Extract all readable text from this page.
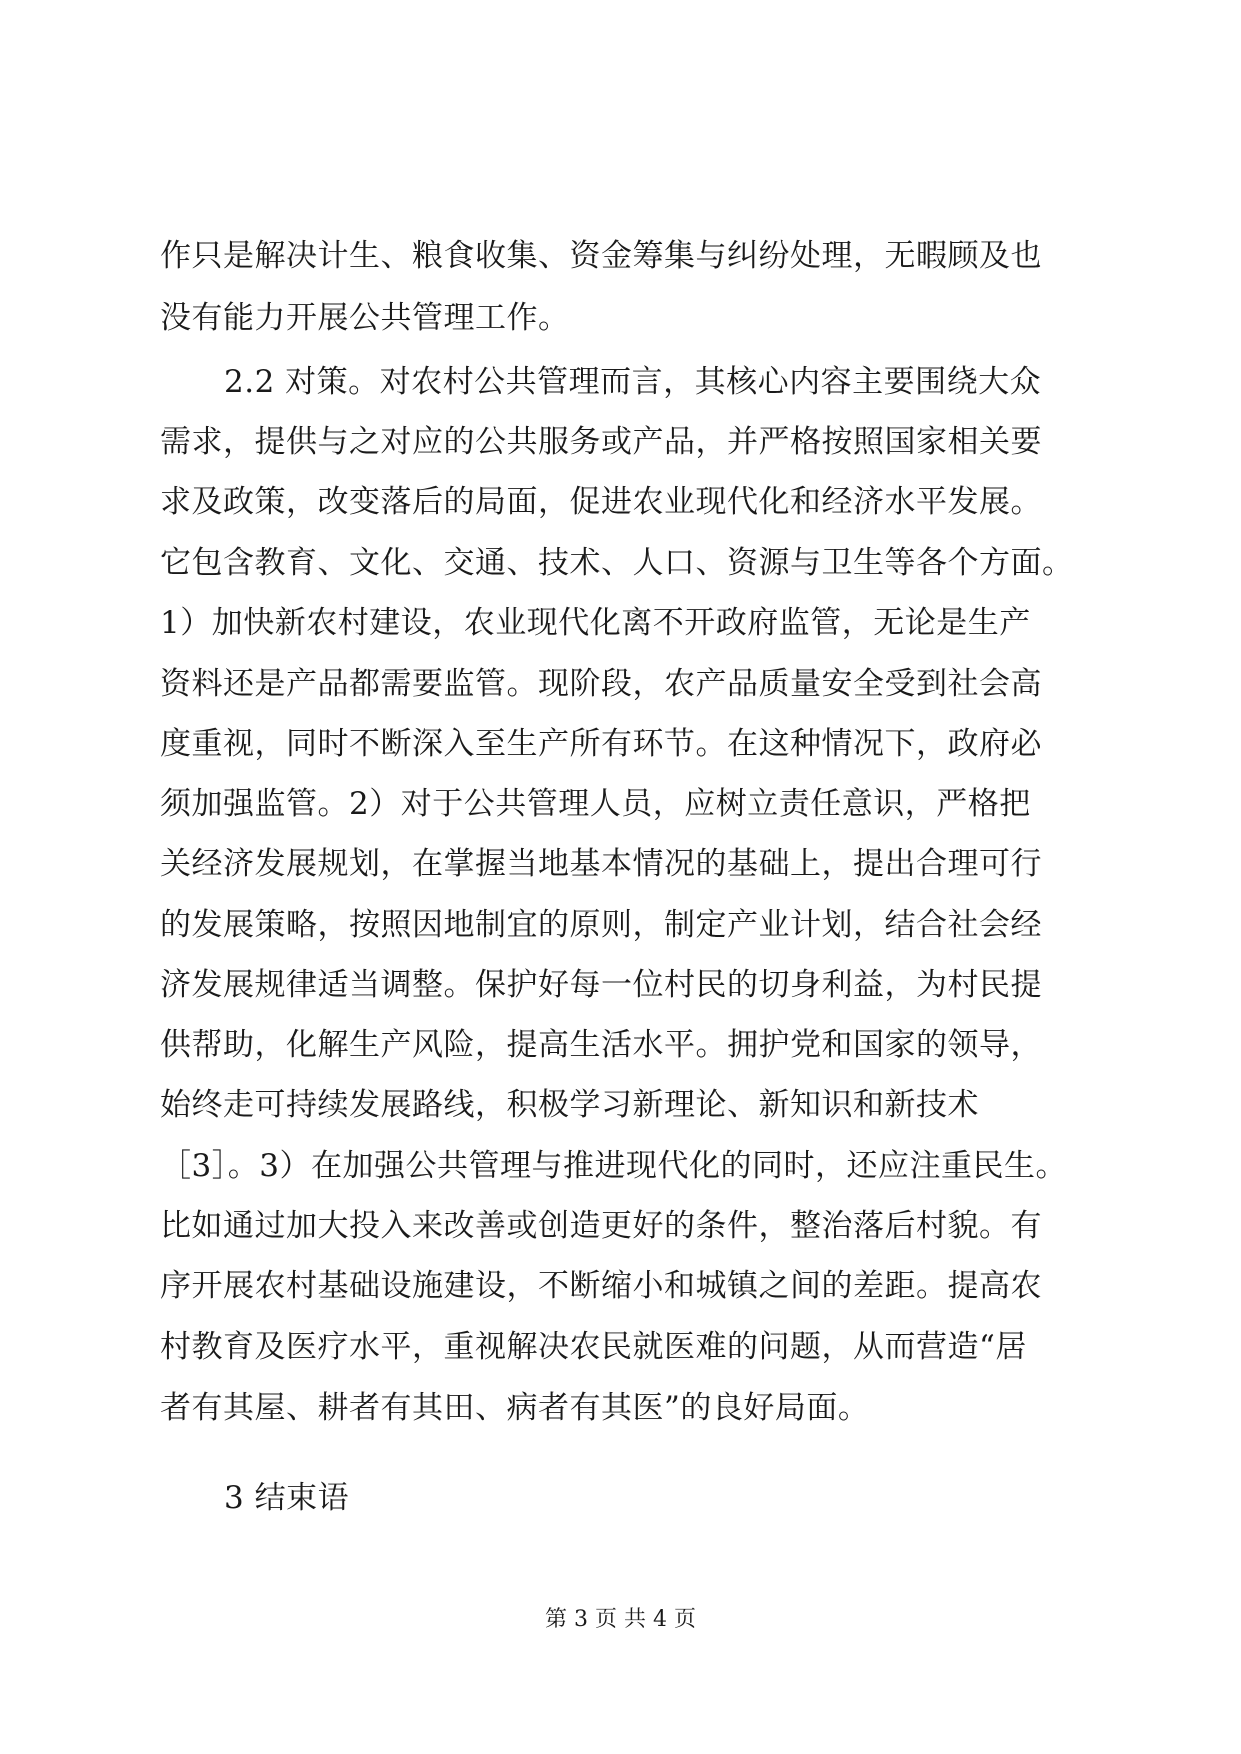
作只是解决计生、粮食收集、资金筹集与纠纷处理，无暇顾及也
没有能力开展公共管理工作。
2.2 对策。对农村公共管理而言，其核心内容主要围绕大众
需求，提供与之对应的公共服务或产品，并严格按照国家相关要
求及政策，改变落后的局面，促进农业现代化和经济水平发展。
它包含教育、文化、交通、技术、人口、资源与卫生等各个方面。
1）加快新农村建设，农业现代化离不开政府监管，无论是生产
资料还是产品都需要监管。现阶段，农产品质量安全受到社会高
度重视，同时不断深入至生产所有环节。在这种情况下，政府必
须加强监管。2）对于公共管理人员，应树立责任意识，严格把
关经济发展规划，在掌握当地基本情况的基础上，提出合理可行
的发展策略，按照因地制宜的原则，制定产业计划，结合社会经
济发展规律适当调整。保护好每一位村民的切身利益，为村民提
供帮助，化解生产风险，提高生活水平。拥护党和国家的领导，
始终走可持续发展路线，积极学习新理论、新知识和新技术
［3］。3）在加强公共管理与推进现代化的同时，还应注重民生。
比如通过加大投入来改善或创造更好的条件，整治落后村貌。有
序开展农村基础设施建设，不断缩小和城镇之间的差距。提高农
村教育及医疗水平，重视解决农民就医难的问题，从而营造“居
者有其屋、耕者有其田、病者有其医”的良好局面。
3 结束语
第 3 页 共 4 页
